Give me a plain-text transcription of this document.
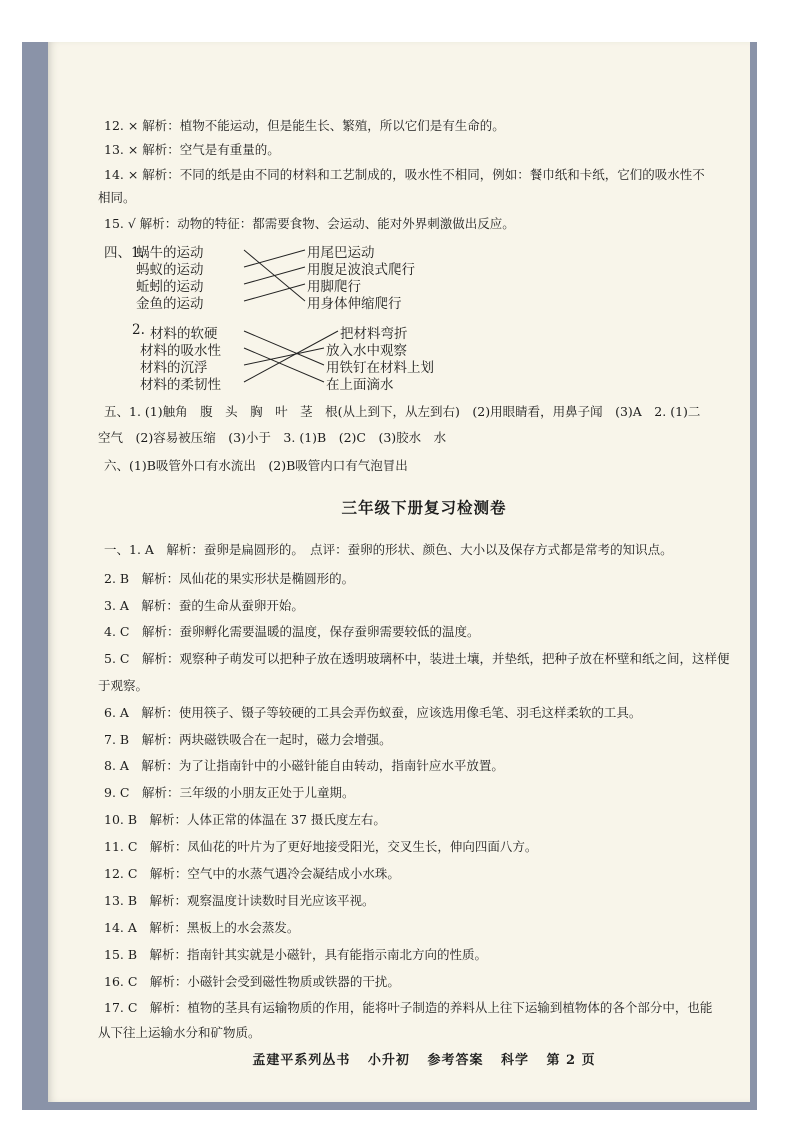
12. × 解析：植物不能运动，但是能生长、繁殖，所以它们是有生命的。
13. × 解析：空气是有重量的。
14. × 解析：不同的纸是由不同的材料和工艺制成的，吸水性不相同，例如：餐巾纸和卡纸，它们的吸水性不
相同。
15. √ 解析：动物的特征：都需要食物、会运动、能对外界刺激做出反应。
四、1.
蜗牛的运动
蚂蚁的运动
蚯蚓的运动
金鱼的运动
用尾巴运动
用腹足波浪式爬行
用脚爬行
用身体伸缩爬行
2. 材料的软硬
材料的吸水性
材料的沉浮
材料的柔韧性
把材料弯折
放入水中观察
用铁钉在材料上划
在上面滴水
五、1. (1)触角　腹　头　胸　叶　茎　根(从上到下，从左到右)　(2)用眼睛看，用鼻子闻　(3)A　2. (1)二
空气　(2)容易被压缩　(3)小于　3. (1)B　(2)C　(3)胶水　水
六、(1)B吸管外口有水流出　(2)B吸管内口有气泡冒出
三年级下册复习检测卷
一、1. A　解析：蚕卵是扁圆形的。　点评：蚕卵的形状、颜色、大小以及保存方式都是常考的知识点。
2. B　解析：凤仙花的果实形状是椭圆形的。
3. A　解析：蚕的生命从蚕卵开始。
4. C　解析：蚕卵孵化需要温暖的温度，保存蚕卵需要较低的温度。
5. C　解析：观察种子萌发可以把种子放在透明玻璃杯中，装进土壤，并垫纸，把种子放在杯壁和纸之间，这样便
于观察。
6. A　解析：使用筷子、镊子等较硬的工具会弄伤蚁蚕，应该选用像毛笔、羽毛这样柔软的工具。
7. B　解析：两块磁铁吸合在一起时，磁力会增强。
8. A　解析：为了让指南针中的小磁针能自由转动，指南针应水平放置。
9. C　解析：三年级的小朋友正处于儿童期。
10. B　解析：人体正常的体温在 37 摄氏度左右。
11. C　解析：凤仙花的叶片为了更好地接受阳光，交叉生长，伸向四面八方。
12. C　解析：空气中的水蒸气遇冷会凝结成小水珠。
13. B　解析：观察温度计读数时目光应该平视。
14. A　解析：黑板上的水会蒸发。
15. B　解析：指南针其实就是小磁针，具有能指示南北方向的性质。
16. C　解析：小磁针会受到磁性物质或铁器的干扰。
17. C　解析：植物的茎具有运输物质的作用，能将叶子制造的养料从上往下运输到植物体的各个部分中，也能
从下往上运输水分和矿物质。
孟建平系列丛书 小升初 参考答案 科学 第 2 页
